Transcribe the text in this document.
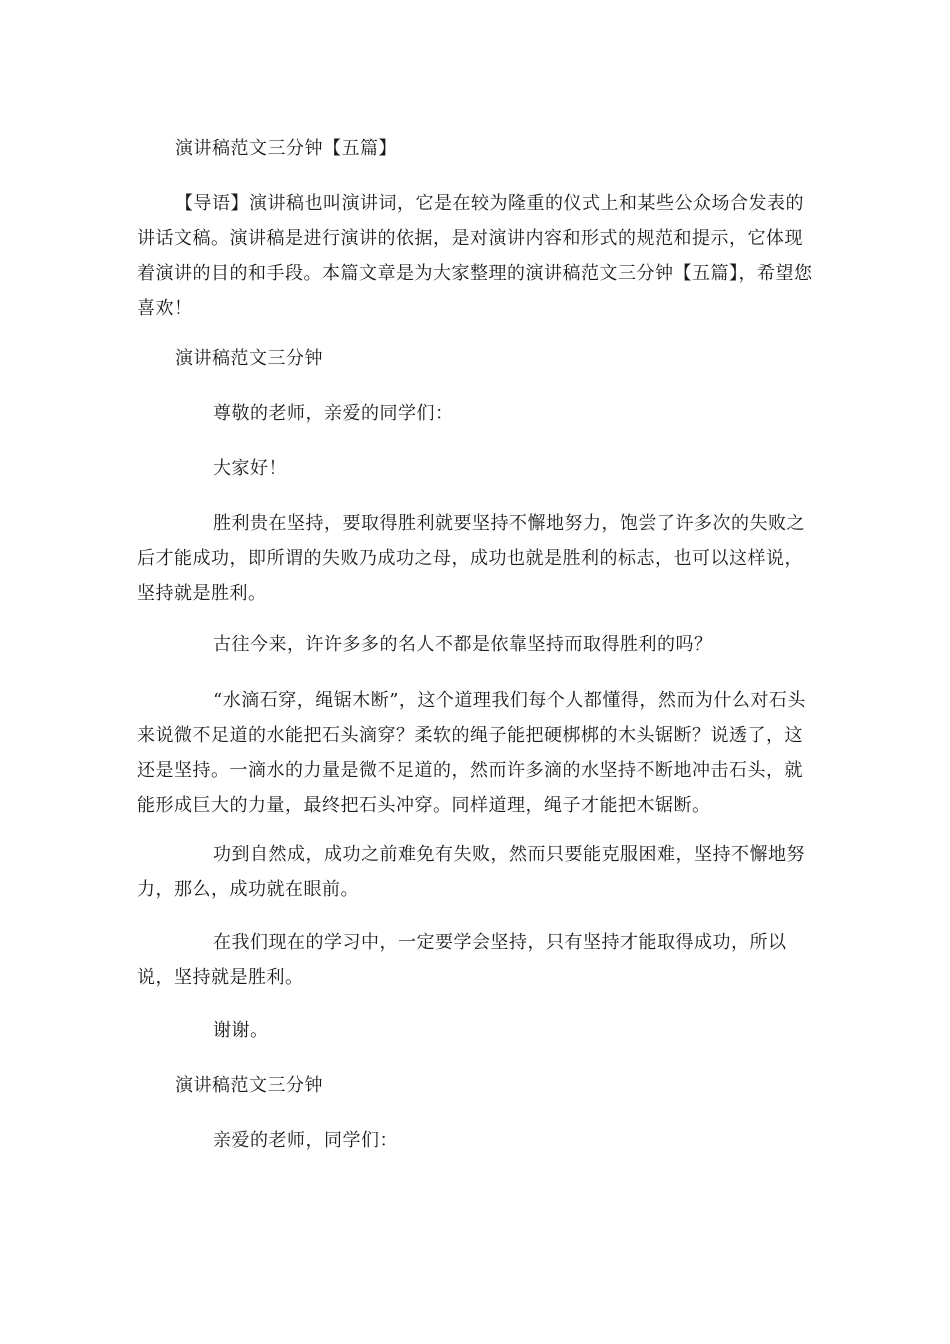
演讲稿范文三分钟【五篇】

【导语】演讲稿也叫演讲词，它是在较为隆重的仪式上和某些公众场合发表的讲话文稿。演讲稿是进行演讲的依据，是对演讲内容和形式的规范和提示，它体现着演讲的目的和手段。本篇文章是为大家整理的演讲稿范文三分钟【五篇】，希望您喜欢！

演讲稿范文三分钟

尊敬的老师，亲爱的同学们：

大家好！

胜利贵在坚持，要取得胜利就要坚持不懈地努力，饱尝了许多次的失败之后才能成功，即所谓的失败乃成功之母，成功也就是胜利的标志，也可以这样说，坚持就是胜利。

古往今来，许许多多的名人不都是依靠坚持而取得胜利的吗？

“水滴石穿，绳锯木断”，这个道理我们每个人都懂得，然而为什么对石头来说微不足道的水能把石头滴穿？柔软的绳子能把硬梆梆的木头锯断？说透了，这还是坚持。一滴水的力量是微不足道的，然而许多滴的水坚持不断地冲击石头，就能形成巨大的力量，最终把石头冲穿。同样道理，绳子才能把木锯断。

功到自然成，成功之前难免有失败，然而只要能克服困难，坚持不懈地努力，那么，成功就在眼前。

在我们现在的学习中，一定要学会坚持，只有坚持才能取得成功，所以说，坚持就是胜利。

谢谢。

演讲稿范文三分钟

亲爱的老师，同学们：
